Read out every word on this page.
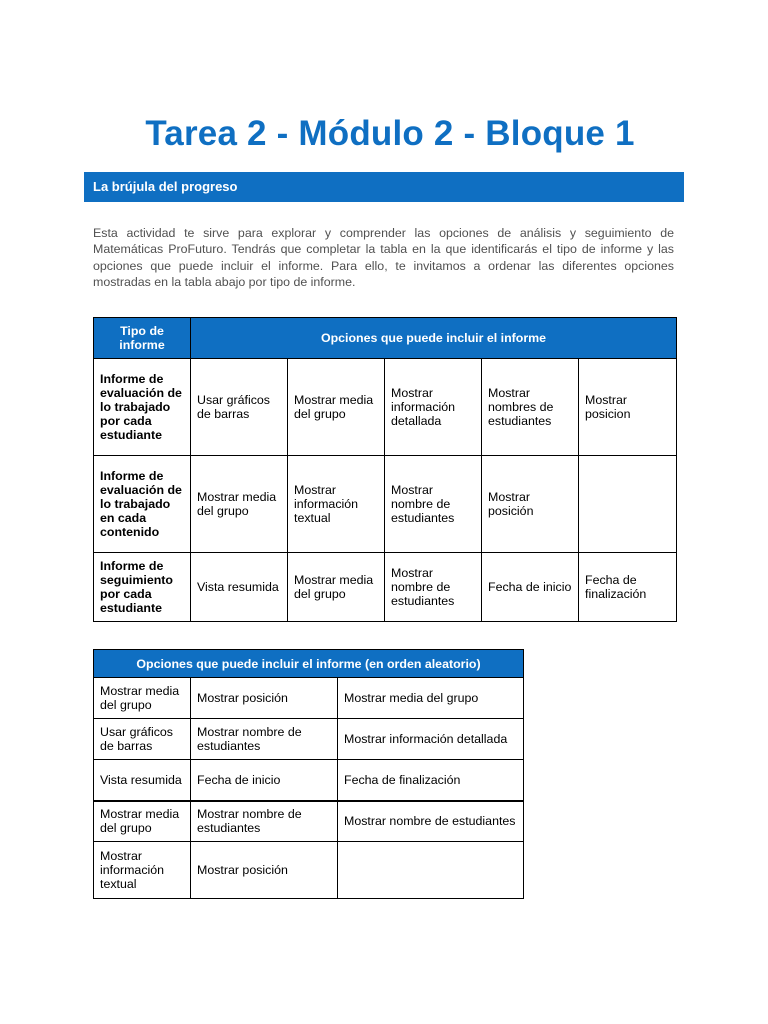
Tarea 2 - Módulo 2 - Bloque 1
La brújula del progreso

Esta actividad te sirve para explorar y comprender las opciones de análisis y seguimiento de Matemáticas ProFuturo. Tendrás que completar la tabla en la que identificarás el tipo de informe y las opciones que puede incluir el informe. Para ello, te invitamos a ordenar las diferentes opciones mostradas en la tabla abajo por tipo de informe.

Tipo de informe	Opciones que puede incluir el informe				
Informe de evaluación de lo trabajado por cada estudiante	Usar gráficos de barras	Mostrar media del grupo	Mostrar información detallada	Mostrar nombres de estudiantes	Mostrar posicion
Informe de evaluación de lo trabajado en cada contenido	Mostrar media del grupo	Mostrar información textual	Mostrar nombre de estudiantes	Mostrar posición	
Informe de seguimiento por cada estudiante	Vista resumida	Mostrar media del grupo	Mostrar nombre de estudiantes	Fecha de inicio	Fecha de finalización
Opciones que puede incluir el informe (en orden aleatorio)		
Mostrar media del grupo	Mostrar posición	Mostrar media del grupo
Usar gráficos de barras	Mostrar nombre de estudiantes	Mostrar información detallada
Vista resumida	Fecha de inicio	Fecha de finalización
Mostrar media del grupo	Mostrar nombre de estudiantes	Mostrar nombre de estudiantes
Mostrar información textual	Mostrar posición	
